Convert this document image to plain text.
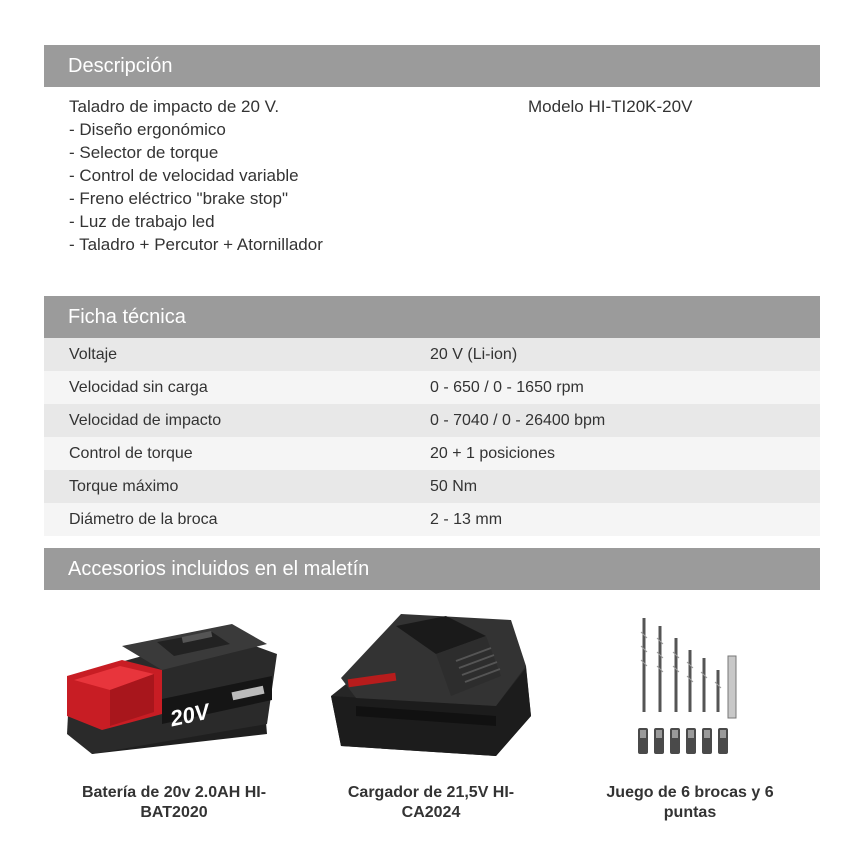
Descripción
Taladro de impacto de 20 V.
- Diseño ergonómico
- Selector de torque
- Control de velocidad variable
- Freno eléctrico "brake stop"
- Luz de trabajo led
- Taladro + Percutor + Atornillador
Modelo HI-TI20K-20V
Ficha técnica
Voltaje	20 V (Li-ion)
Velocidad sin carga	0 - 650 / 0 - 1650 rpm
Velocidad de impacto	0 - 7040 / 0 - 26400 bpm
Control de torque	20 + 1 posiciones
Torque máximo	50 Nm
Diámetro de la broca	2 - 13 mm
Accesorios incluidos en el maletín
20V
Batería de 20v 2.0AH HI-
BAT2020
Cargador de 21,5V HI-
CA2024
Juego de 6 brocas y 6
puntas
